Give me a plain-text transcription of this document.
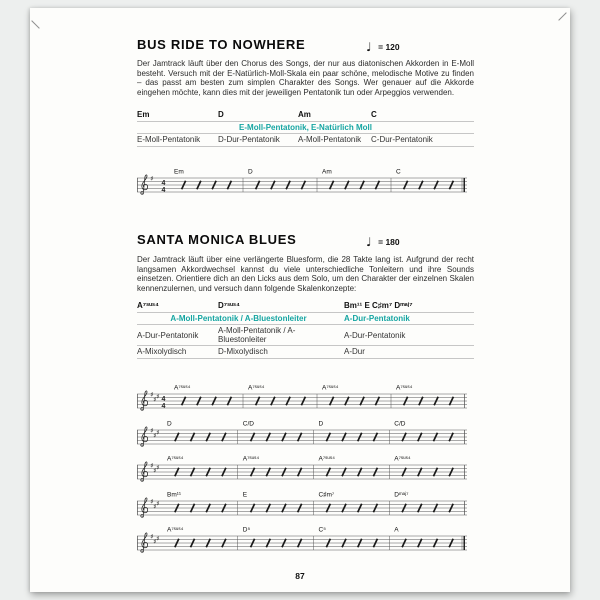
BUS RIDE TO NOWHERE	♩ = 120

Der Jamtrack läuft über den Chorus des Songs, der nur aus diatonischen Akkorden in E-Moll besteht. Versuch mit der E-Natürlich-Moll-Skala ein paar schöne, melodische Motive zu finden – das passt am besten zum simplen Charakter des Songs. Wer genauer auf die Akkorde eingehen möchte, kann dies mit der jeweiligen Pentatonik tun oder Arpeggios verwenden.

Em	D	Am	C
E-Moll-Pentatonik, E-Natürlich Moll
E-Moll-Pentatonik	D-Dur-Pentatonik	A-Moll-Pentatonik	C-Dur-Pentatonik
♯
4
4
Em	D	Am	C
SANTA MONICA BLUES	♩ = 180

Der Jamtrack läuft über eine verlängerte Bluesform, die 28 Takte lang ist. Aufgrund der recht langsamen Akkordwechsel kannst du viele unterschiedliche Tonleitern und ihre Sounds einsetzen. Orientiere dich an den Licks aus dem Solo, um den Charakter der einzelnen Skalen kennenzulernen, und versuch dann folgende Skalenkonzepte:

A⁷ˢᵘˢ⁴	D⁷ˢᵘˢ⁴	Bm¹¹ E C♯m⁷ Dᵐᵃʲ⁷
A-Moll-Pentatonik / A-Bluestonleiter	A-Dur-Pentatonik
A-Dur-Pentatonik	A-Moll-Pentatonik / A-Bluestonleiter	A-Dur-Pentatonik
A-Mixolydisch	D-Mixolydisch	A-Dur
♯
♯
♯ 4
4
A⁷ˢᵘˢ⁴	A⁷ˢᵘˢ⁴	A⁷ˢᵘˢ⁴	A⁷ˢᵘˢ⁴
♯
♯
♯
D	C/D	D	C/D
♯
♯
♯
A⁷ˢᵘˢ⁴	A⁷ˢᵘˢ⁴	A⁷ˢᵘˢ⁴	A⁷ˢᵘˢ⁴
♯
♯
♯
Bm¹¹	E	C♯m⁷	Dᵐᵃʲ⁷
♯
♯
♯
A⁷ˢᵘˢ⁴	D⁵	C⁵	A
87
